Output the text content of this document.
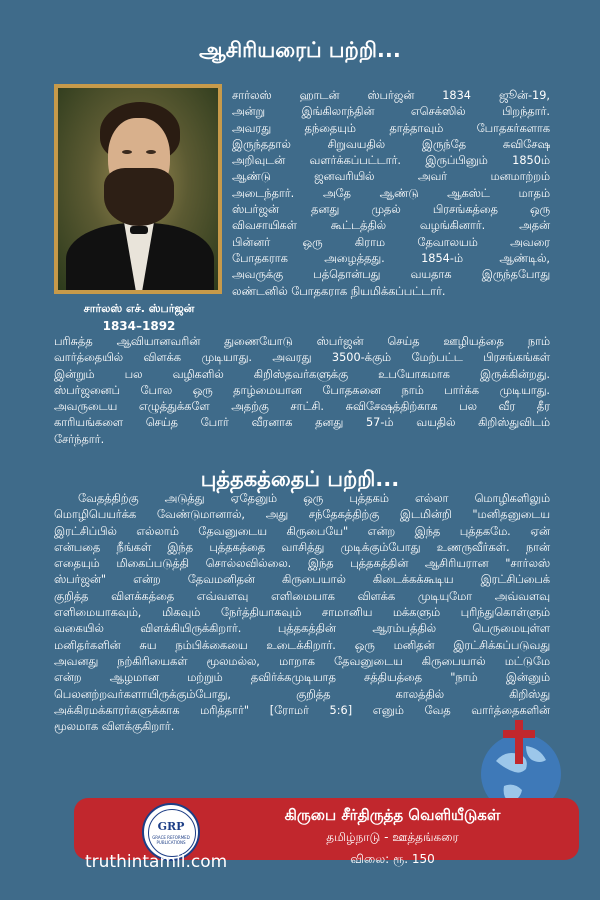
ஆசிரியரைப் பற்றி...
சார்லஸ் எச். ஸ்பர்ஜன்
1834–1892
சார்லஸ் ஹாடன் ஸ்பர்ஜன் 1834 ஜூன்-19,
அன்று இங்கிலாந்தின் எசெக்ஸில் பிறந்தார்.
அவரது தந்தையும் தாத்தாவும் போதகர்களாக
இருந்ததால் சிறுவயதில் இருந்தே சுவிசேஷ
அறிவுடன் வளர்க்கப்பட்டார். இருப்பினும் 1850ம்
ஆண்டு ஜனவரியில் அவர் மனமாற்றம்
அடைந்தார். அதே ஆண்டு ஆகஸ்ட் மாதம்
ஸ்பர்ஜன் தனது முதல் பிரசங்கத்தை ஒரு
விவசாயிகள் கூட்டத்தில் வழங்கினார். அதன்
பின்னர் ஒரு கிராம தேவாலயம் அவரை
போதகராக அழைத்தது. 1854-ம் ஆண்டில்,
அவருக்கு பத்தொன்பது வயதாக இருந்தபோது
லண்டனில் போதகராக நியமிக்கப்பட்டார்.
பரிசுத்த ஆவியானவரின் துணையோடு ஸ்பர்ஜன் செய்த ஊழியத்தை நாம்
வார்த்தையில் விளக்க முடியாது. அவரது 3500-க்கும் மேற்பட்ட பிரசங்கங்கள்
இன்றும் பல வழிகளில் கிறிஸ்தவர்களுக்கு உபயோகமாக இருக்கின்றது.
ஸ்பர்ஜனைப் போல ஒரு தாழ்மையான போதகனை நாம் பார்க்க முடியாது.
அவருடைய எழுத்துக்களே அதற்கு சாட்சி. சுவிசேஷத்திற்காக பல வீர தீர
காரியங்களை செய்த போர் வீரனாக தனது 57-ம் வயதில் கிறிஸ்துவிடம்
சேர்ந்தார்.
புத்தகத்தைப் பற்றி...
வேதத்திற்கு அடுத்து ஏதேனும் ஒரு புத்தகம் எல்லா மொழிகளிலும்
மொழிபெயர்க்க வேண்டுமானால், அது சந்தேகத்திற்கு இடமின்றி "மனிதனுடைய
இரட்சிப்பில் எல்லாம் தேவனுடைய கிருபையே" என்ற இந்த புத்தகமே. ஏன்
என்பதை நீங்கள் இந்த புத்தகத்தை வாசித்து முடிக்கும்போது உணருவீர்கள். நான்
எதையும் மிகைப்படுத்தி சொல்லவில்லை. இந்த புத்தகத்தின் ஆசிரியரான "சார்லஸ்
ஸ்பர்ஜன்" என்ற தேவமனிதன் கிருபையால் கிடைக்கக்கூடிய இரட்சிப்பைக்
குறித்த விளக்கத்தை எவ்வளவு எளிமையாக விளக்க முடியுமோ அவ்வளவு
எளிமையாகவும், மிகவும் நேர்த்தியாகவும் சாமானிய மக்களும் புரிந்துகொள்ளும்
வகையில் விளக்கியிருக்கிறார். புத்தகத்தின் ஆரம்பத்தில் பெருமையுள்ள
மனிதர்களின் சுய நம்பிக்கையை உடைக்கிறார். ஒரு மனிதன் இரட்சிக்கப்படுவது
அவனது நற்கிரியைகள் மூலமல்ல, மாறாக தேவனுடைய கிருபையால் மட்டுமே
என்ற ஆழமான மற்றும் தவிர்க்கமுடியாத சத்தியத்தை "நாம் இன்னும்
பெலனற்றவர்களாயிருக்கும்போது, குறித்த காலத்தில் கிறிஸ்து
அக்கிரமக்காரர்களுக்காக மரித்தார்" [ரோமர் 5:6] எனும் வேத வார்த்தைகளின்
மூலமாக விளக்குகிறார்.
GRP
GRACE REFORMED PUBLICATIONS
கிருபை சீர்திருத்த வெளியீடுகள்
தமிழ்நாடு - ஊத்தங்கரை
விலை: ரூ. 150
truthintamil.com
